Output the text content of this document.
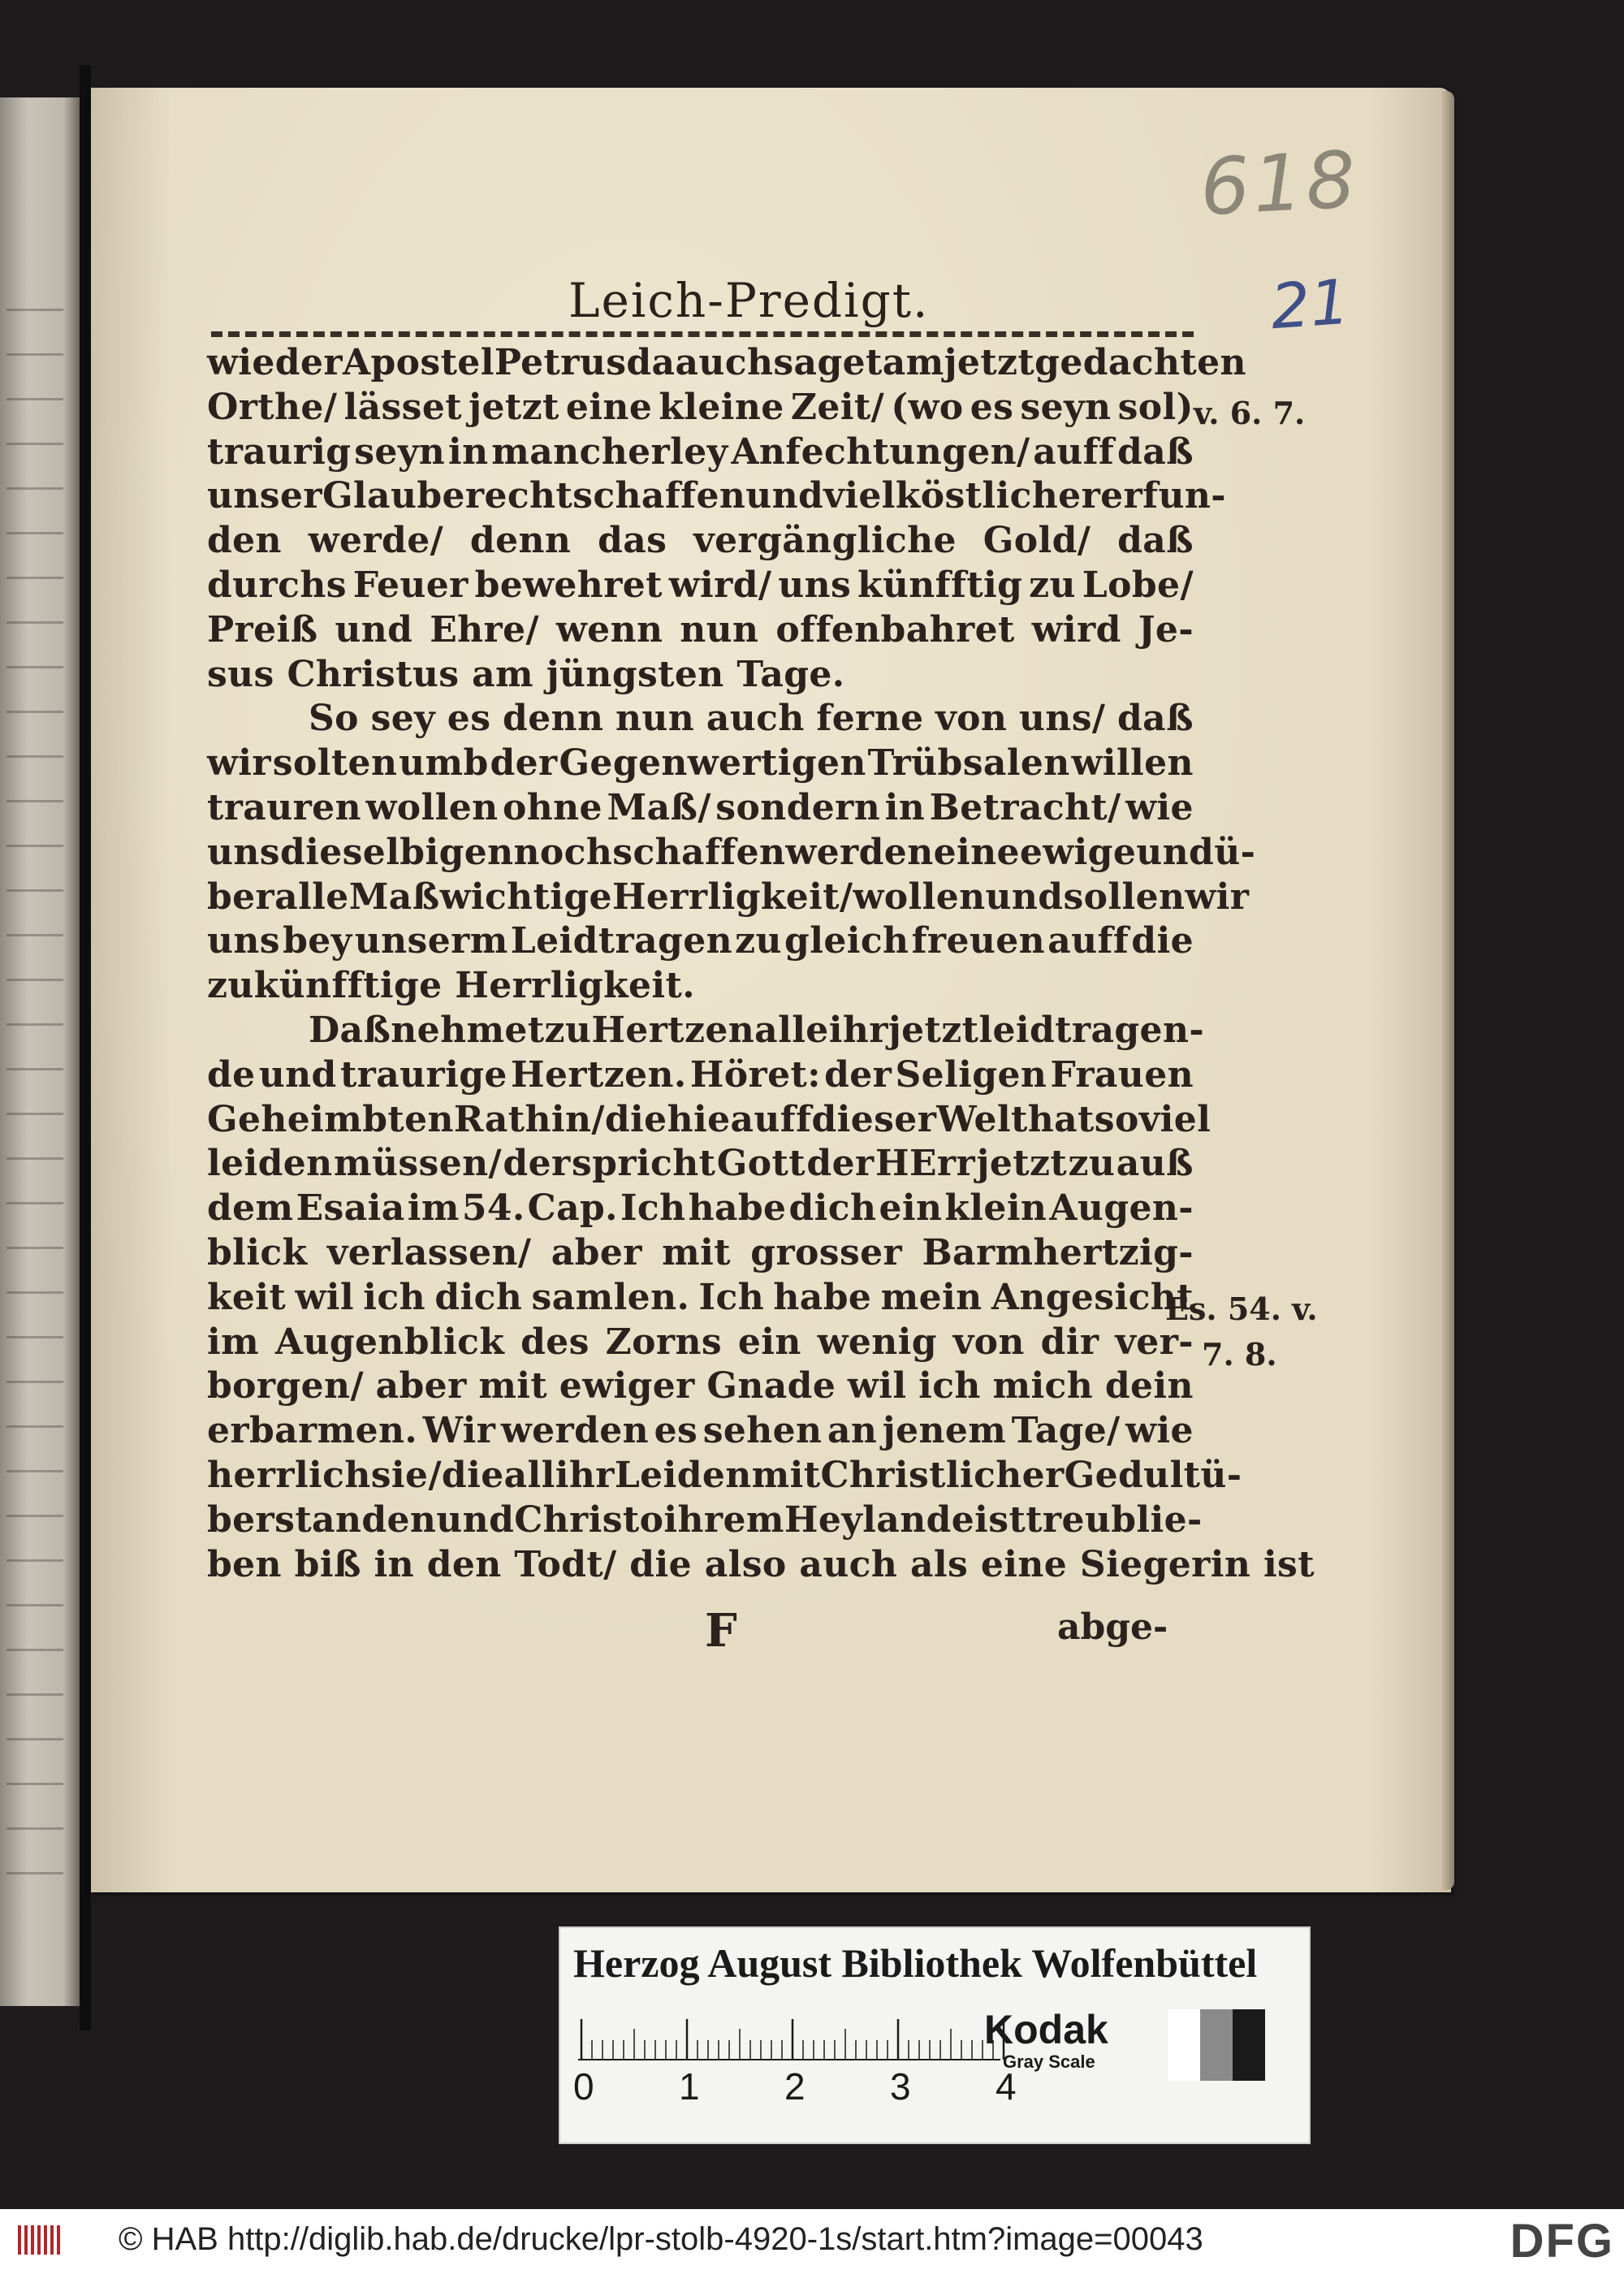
618
21
Leich-Predigt.
wie der Apostel Petrus da auch saget am jetzt gedachten
Orthe/ lässet jetzt eine kleine Zeit/ (wo es seyn sol)
traurig seyn in mancherley Anfechtungen/ auff daß
unser Glaube rechtschaffen und viel köstlicher erfun-
den werde/ denn das vergängliche Gold/ daß
durchs Feuer bewehret wird/ uns künfftig zu Lobe/
Preiß und Ehre/ wenn nun offenbahret wird Je-
sus Christus am jüngsten Tage.
So sey es denn nun auch ferne von uns/ daß
wir solten umb der Gegenwertigen Trübsalen willen
trauren wollen ohne Maß/ sondern in Betracht/ wie
uns dieselbigen noch schaffen werden eine ewige und ü-
ber alle Maß wichtige Herrligkeit/ wollen und sollen wir
uns bey unserm Leidtragen zu gleich freuen auff die
zukünfftige Herrligkeit.
Daß nehmet zu Hertzen alle ihr jetzt leidtragen-
de und traurige Hertzen. Höret: der Seligen Frauen
Geheimbten Rathin/ die hie auff dieser Welt hat so viel
leiden müssen/ der spricht Gott der HErr jetzt zu auß
dem Esaia im 54. Cap. Ich habe dich ein klein Augen-
blick verlassen/ aber mit grosser Barmhertzig-
keit wil ich dich samlen. Ich habe mein Angesicht
im Augenblick des Zorns ein wenig von dir ver-
borgen/ aber mit ewiger Gnade wil ich mich dein
erbarmen. Wir werden es sehen an jenem Tage/ wie
herrlich sie/ die all ihr Leiden mit Christlicher Gedult ü-
berstanden und Christo ihrem Heylande ist treu blie-
ben biß in den Todt/ die also auch als eine Siegerin ist
v. 6. 7.
Es. 54. v.
7. 8.
F	abge-
Herzog August Bibliothek Wolfenbüttel
Kodak
Gray Scale
0 1 2 3 4
© HAB http://diglib.hab.de/drucke/lpr-stolb-4920-1s/start.htm?image=00043	DFG
